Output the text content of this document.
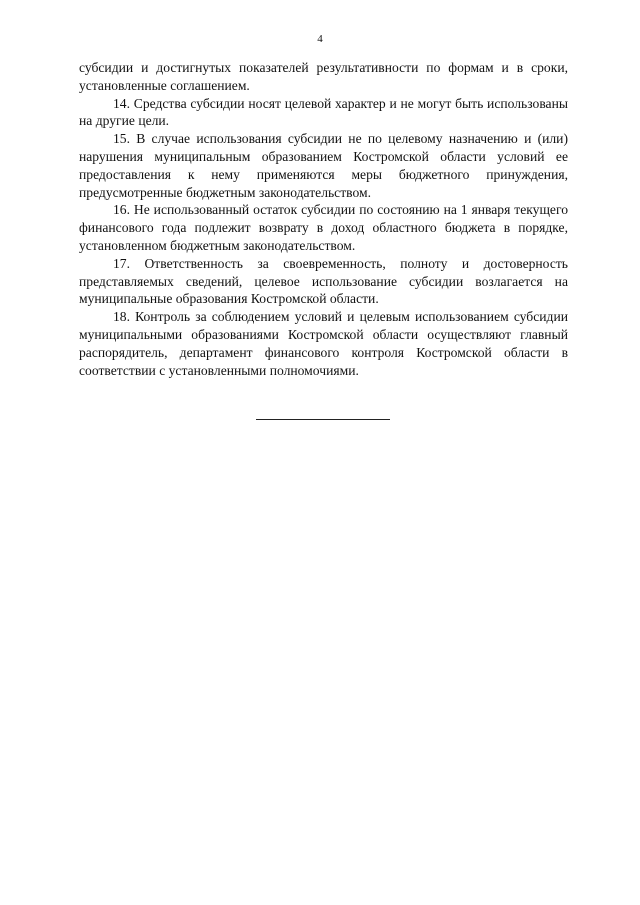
4

субсидии и достигнутых показателей результативности по формам и в сроки, установленные соглашением.

14. Средства субсидии носят целевой характер и не могут быть использованы на другие цели.

15. В случае использования субсидии не по целевому назначению и (или) нарушения муниципальным образованием Костромской области условий ее предоставления к нему применяются меры бюджетного принуждения, предусмотренные бюджетным законодательством.

16. Не использованный остаток субсидии по состоянию на 1 января текущего финансового года подлежит возврату в доход областного бюджета в порядке, установленном бюджетным законодательством.

17. Ответственность за своевременность, полноту и достоверность представляемых сведений, целевое использование субсидии возлагается на муниципальные образования Костромской области.

18. Контроль за соблюдением условий и целевым использованием субсидии муниципальными образованиями Костромской области осуществляют главный распорядитель, департамент финансового контроля Костромской области в соответствии с установленными полномочиями.
